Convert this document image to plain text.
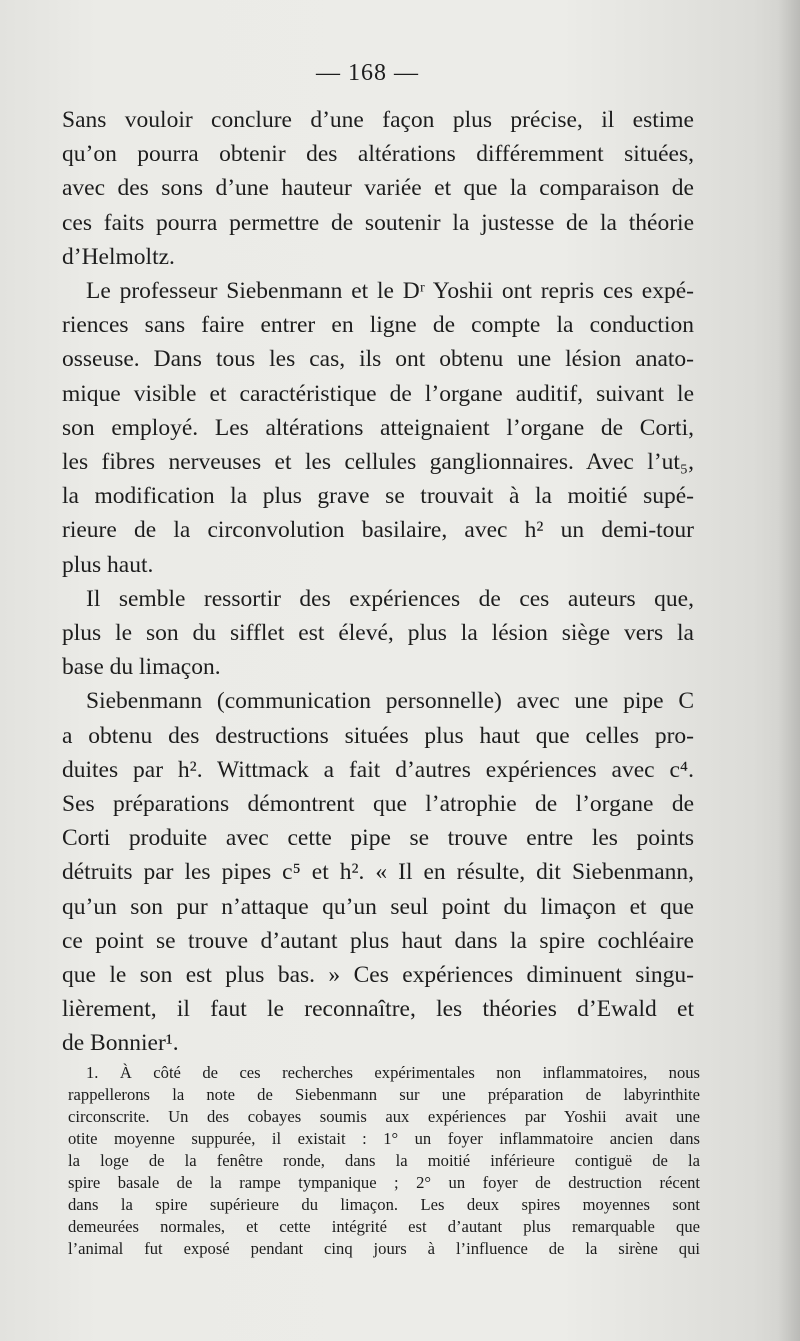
— 168 —
Sans vouloir conclure d’une façon plus précise, il estime
qu’on pourra obtenir des altérations différemment situées,
avec des sons d’une hauteur variée et que la comparaison de
ces faits pourra permettre de soutenir la justesse de la théorie
d’Helmoltz.
Le professeur Siebenmann et le Dʳ Yoshii ont repris ces expé-
riences sans faire entrer en ligne de compte la conduction
osseuse. Dans tous les cas, ils ont obtenu une lésion anato-
mique visible et caractéristique de l’organe auditif, suivant le
son employé. Les altérations atteignaient l’organe de Corti,
les fibres nerveuses et les cellules ganglionnaires. Avec l’ut₅,
la modification la plus grave se trouvait à la moitié supé-
rieure de la circonvolution basilaire, avec h² un demi-tour
plus haut.
Il semble ressortir des expériences de ces auteurs que,
plus le son du sifflet est élevé, plus la lésion siège vers la
base du limaçon.
Siebenmann (communication personnelle) avec une pipe C
a obtenu des destructions situées plus haut que celles pro-
duites par h². Wittmack a fait d’autres expériences avec c⁴.
Ses préparations démontrent que l’atrophie de l’organe de
Corti produite avec cette pipe se trouve entre les points
détruits par les pipes c⁵ et h². « Il en résulte, dit Siebenmann,
qu’un son pur n’attaque qu’un seul point du limaçon et que
ce point se trouve d’autant plus haut dans la spire cochléaire
que le son est plus bas. » Ces expériences diminuent singu-
lièrement, il faut le reconnaître, les théories d’Ewald et
de Bonnier¹.
1. À côté de ces recherches expérimentales non inflammatoires, nous
rappellerons la note de Siebenmann sur une préparation de labyrinthite
circonscrite. Un des cobayes soumis aux expériences par Yoshii avait une
otite moyenne suppurée, il existait : 1° un foyer inflammatoire ancien dans
la loge de la fenêtre ronde, dans la moitié inférieure contiguë de la
spire basale de la rampe tympanique ; 2° un foyer de destruction récent
dans la spire supérieure du limaçon. Les deux spires moyennes sont
demeurées normales, et cette intégrité est d’autant plus remarquable que
l’animal fut exposé pendant cinq jours à l’influence de la sirène qui
